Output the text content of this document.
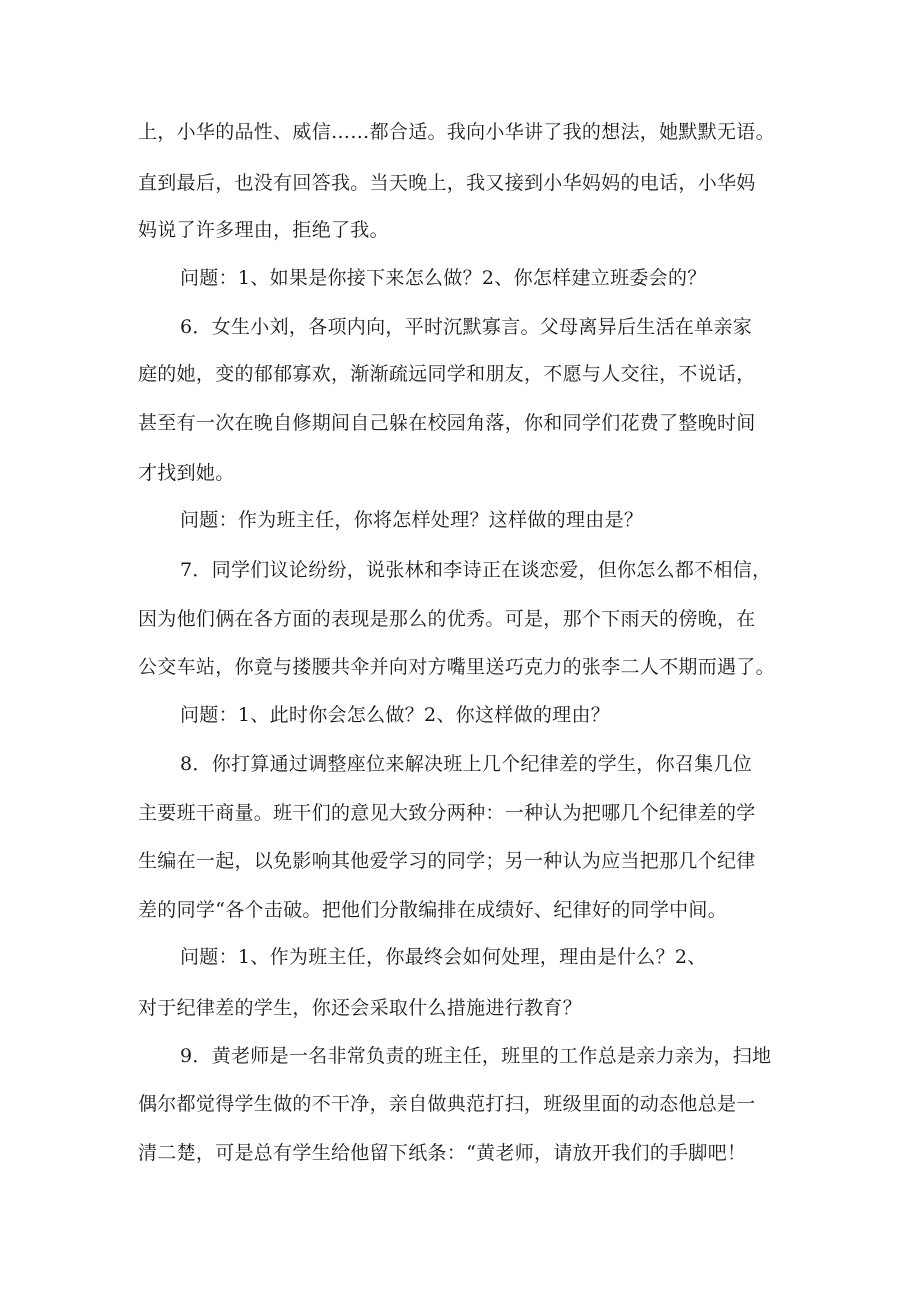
上，小华的品性、威信……都合适。我向小华讲了我的想法，她默默无语。
直到最后，也没有回答我。当天晚上，我又接到小华妈妈的电话，小华妈
妈说了许多理由，拒绝了我。
问题：1、如果是你接下来怎么做？2、你怎样建立班委会的？
6．女生小刘，各项内向，平时沉默寡言。父母离异后生活在单亲家
庭的她，变的郁郁寡欢，渐渐疏远同学和朋友，不愿与人交往，不说话，
甚至有一次在晚自修期间自己躲在校园角落，你和同学们花费了整晚时间
才找到她。
问题：作为班主任，你将怎样处理？这样做的理由是？
7．同学们议论纷纷，说张林和李诗正在谈恋爱，但你怎么都不相信，
因为他们俩在各方面的表现是那么的优秀。可是，那个下雨天的傍晚，在
公交车站，你竟与搂腰共伞并向对方嘴里送巧克力的张李二人不期而遇了。
问题：1、此时你会怎么做？2、你这样做的理由？
8．你打算通过调整座位来解决班上几个纪律差的学生，你召集几位
主要班干商量。班干们的意见大致分两种：一种认为把哪几个纪律差的学
生编在一起，以免影响其他爱学习的同学；另一种认为应当把那几个纪律
差的同学“各个击破。把他们分散编排在成绩好、纪律好的同学中间。
问题：1、作为班主任，你最终会如何处理，理由是什么？2、
对于纪律差的学生，你还会采取什么措施进行教育？
9．黄老师是一名非常负责的班主任，班里的工作总是亲力亲为，扫地
偶尔都觉得学生做的不干净，亲自做典范打扫，班级里面的动态他总是一
清二楚，可是总有学生给他留下纸条：“黄老师，请放开我们的手脚吧！
